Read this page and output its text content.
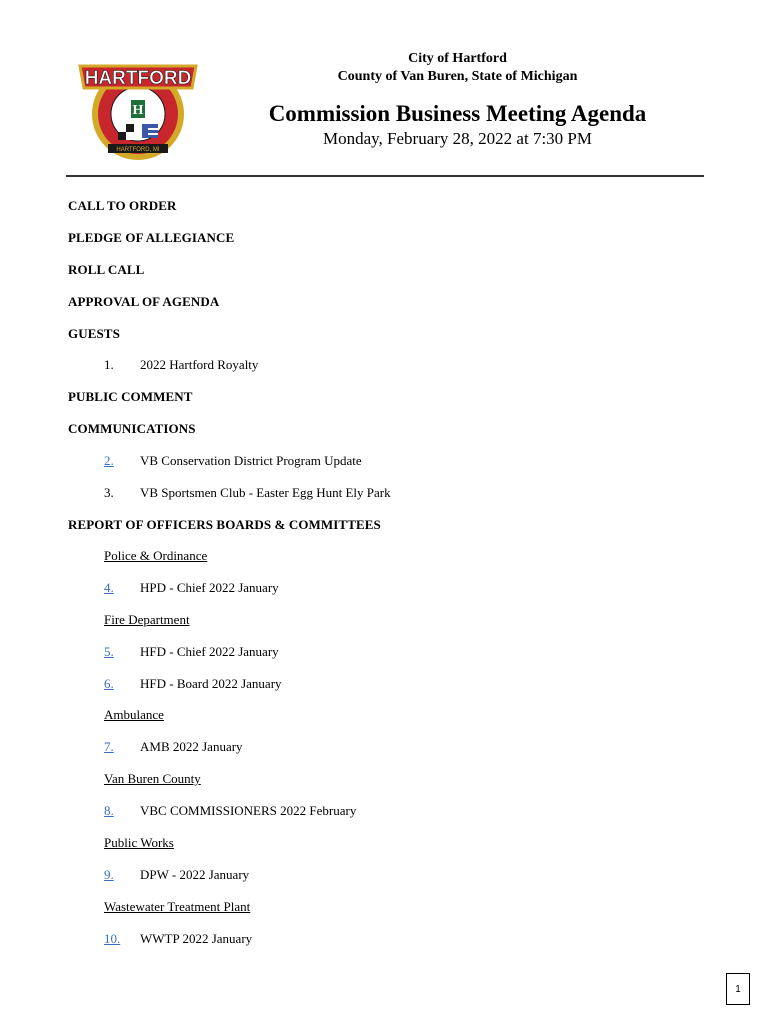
H
CITY OF
HARTFORD
HARTFORD, MI
City of Hartford
County of Van Buren, State of Michigan
Commission Business Meeting Agenda
Monday, February 28, 2022 at 7:30 PM
CALL TO ORDER
PLEDGE OF ALLEGIANCE
ROLL CALL
APPROVAL OF AGENDA
GUESTS
1. 2022 Hartford Royalty
PUBLIC COMMENT
COMMUNICATIONS
2. VB Conservation District Program Update
3. VB Sportsmen Club - Easter Egg Hunt Ely Park
REPORT OF OFFICERS BOARDS & COMMITTEES
Police & Ordinance
4. HPD - Chief 2022 January
Fire Department
5. HFD - Chief 2022 January
6. HFD - Board 2022 January
Ambulance
7. AMB 2022 January
Van Buren County
8. VBC COMMISSIONERS 2022 February
Public Works
9. DPW - 2022 January
Wastewater Treatment Plant
10. WWTP 2022 January
1
